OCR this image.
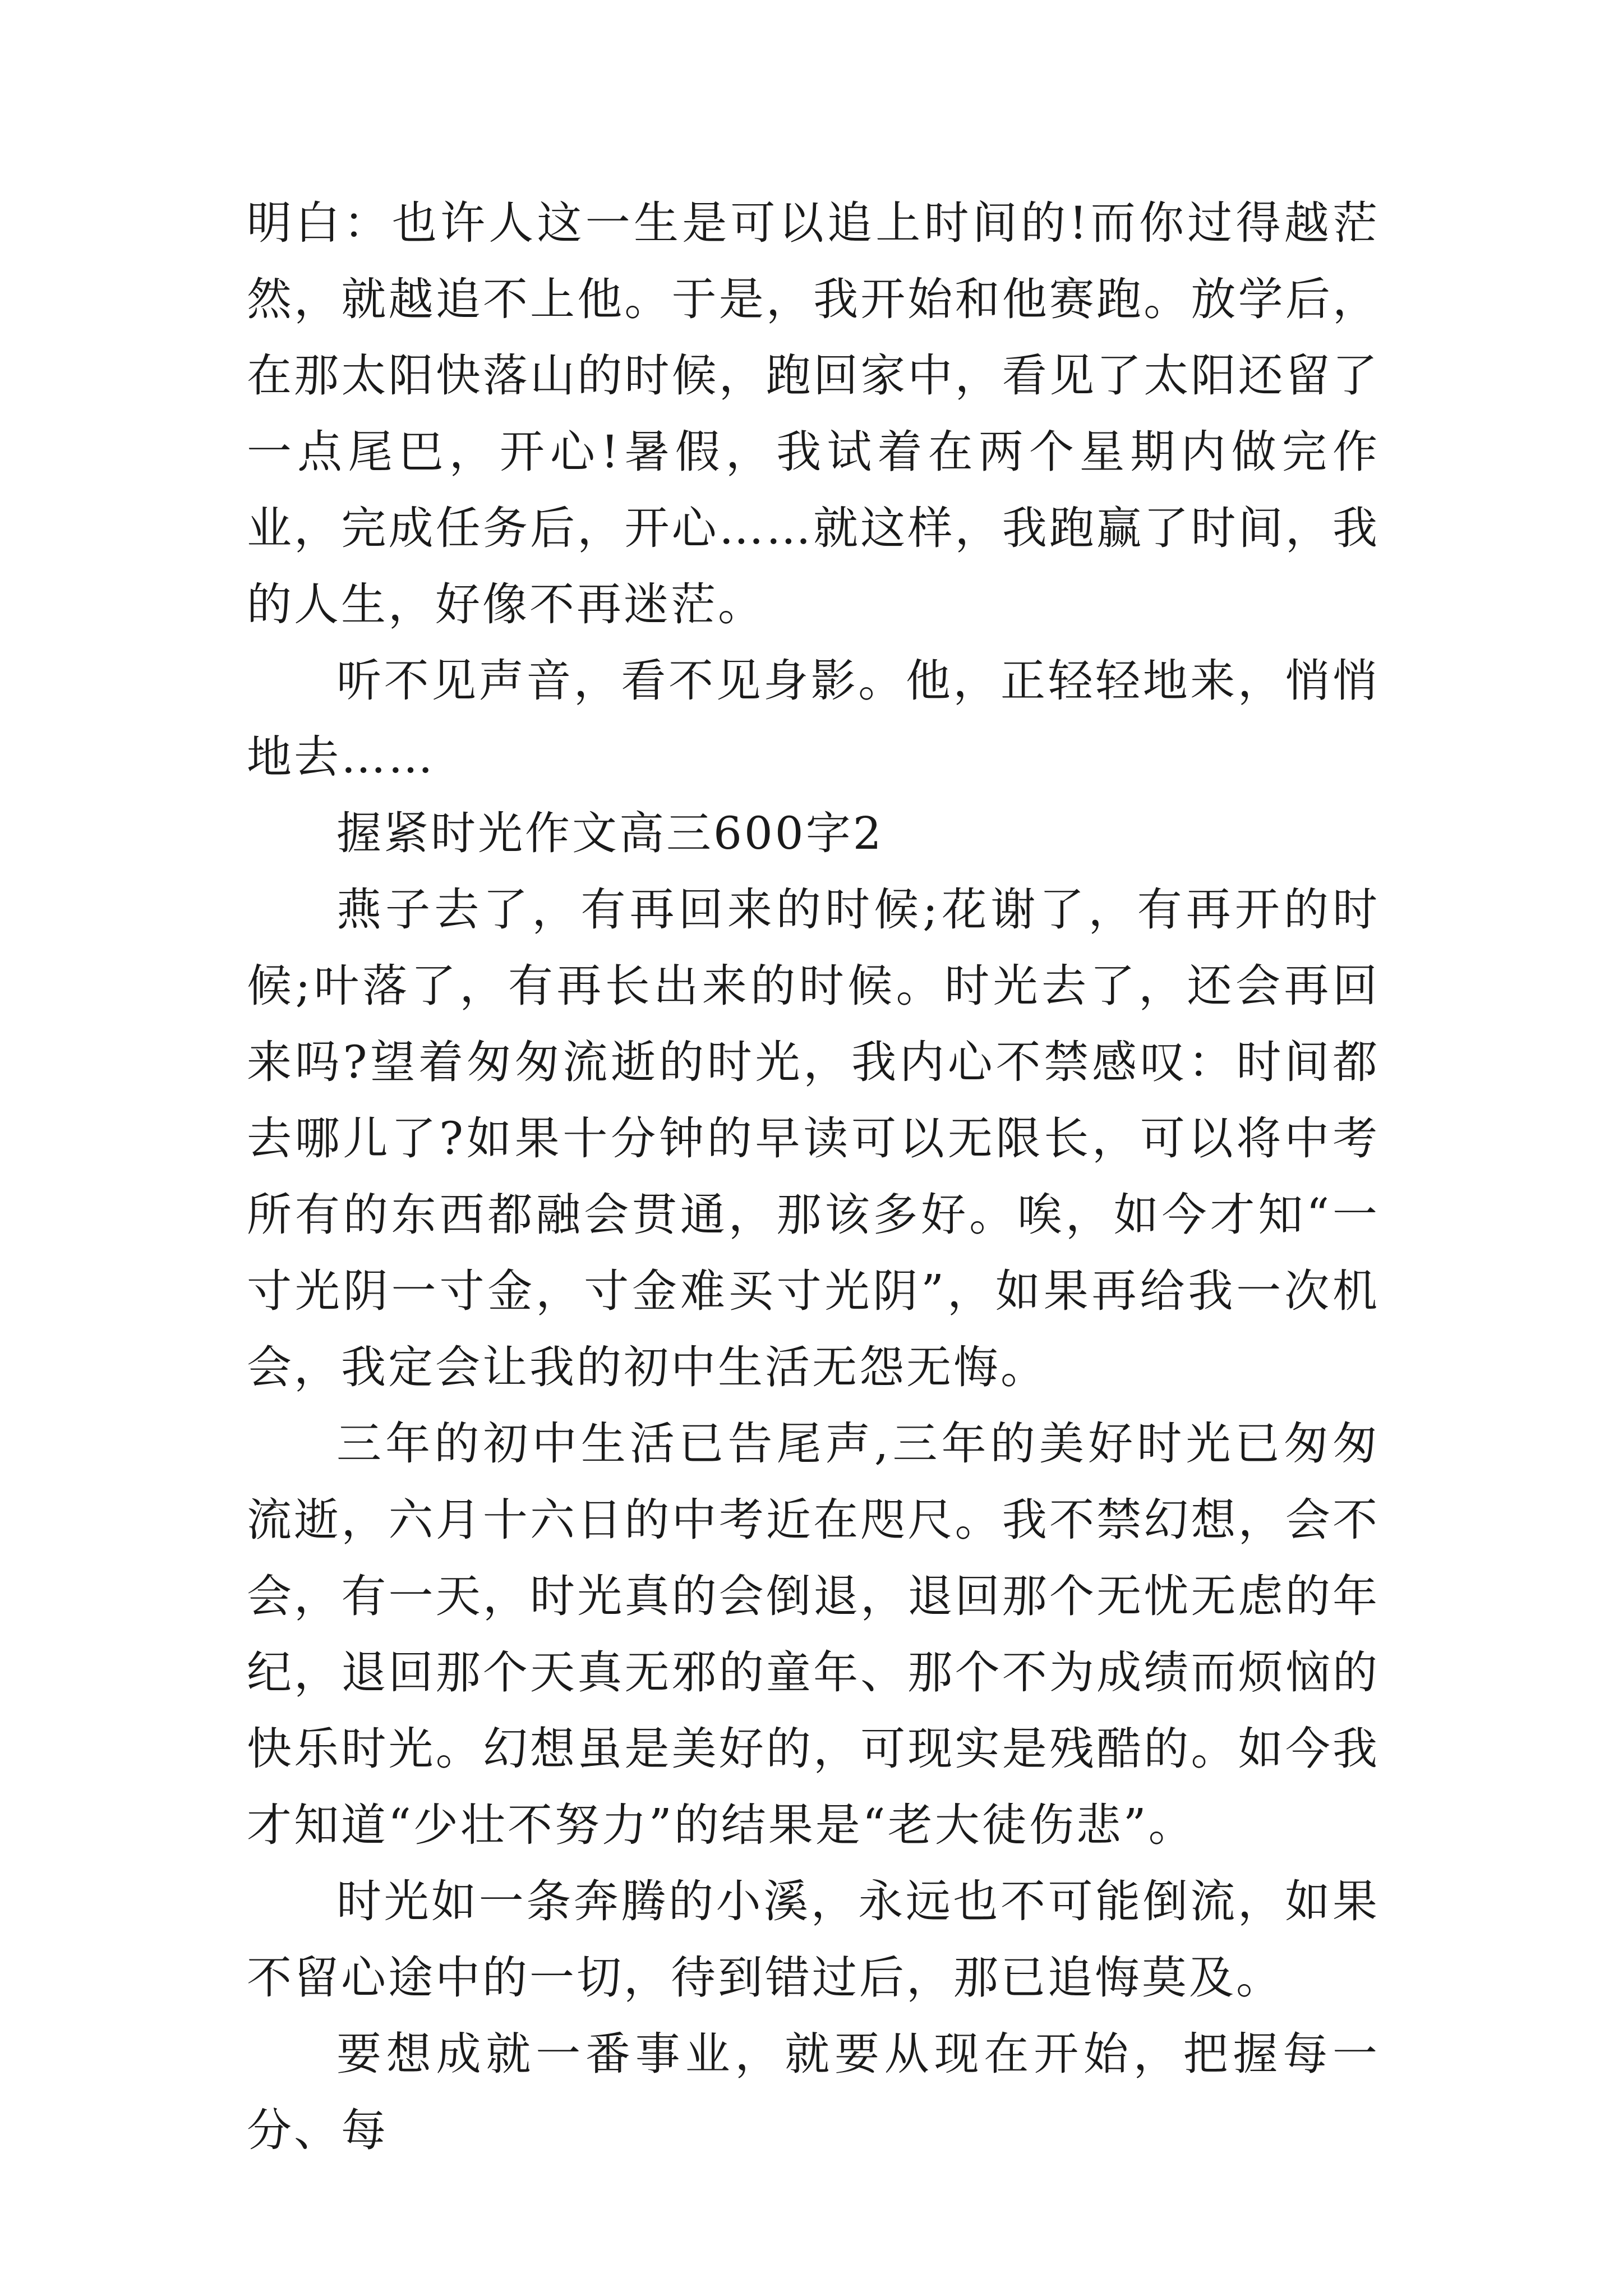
明白：也许人这一生是可以追上时间的!而你过得越茫然，就越追不上他。于是，我开始和他赛跑。放学后，在那太阳快落山的时候，跑回家中，看见了太阳还留了一点尾巴，开心!暑假，我试着在两个星期内做完作业，完成任务后，开心……就这样，我跑赢了时间，我的人生，好像不再迷茫。

听不见声音，看不见身影。他，正轻轻地来，悄悄地去……

握紧时光作文高三600字2

燕子去了，有再回来的时候;花谢了，有再开的时候;叶落了，有再长出来的时候。时光去了，还会再回来吗?望着匆匆流逝的时光，我内心不禁感叹：时间都去哪儿了?如果十分钟的早读可以无限长，可以将中考所有的东西都融会贯通，那该多好。唉，如今才知“一寸光阴一寸金，寸金难买寸光阴”，如果再给我一次机会，我定会让我的初中生活无怨无悔。

三年的初中生活已告尾声,三年的美好时光已匆匆流逝，六月十六日的中考近在咫尺。我不禁幻想，会不会，有一天，时光真的会倒退，退回那个无忧无虑的年纪，退回那个天真无邪的童年、那个不为成绩而烦恼的快乐时光。幻想虽是美好的，可现实是残酷的。如今我才知道“少壮不努力”的结果是“老大徒伤悲”。

时光如一条奔腾的小溪，永远也不可能倒流，如果不留心途中的一切，待到错过后，那已追悔莫及。

要想成就一番事业，就要从现在开始，把握每一分、每
